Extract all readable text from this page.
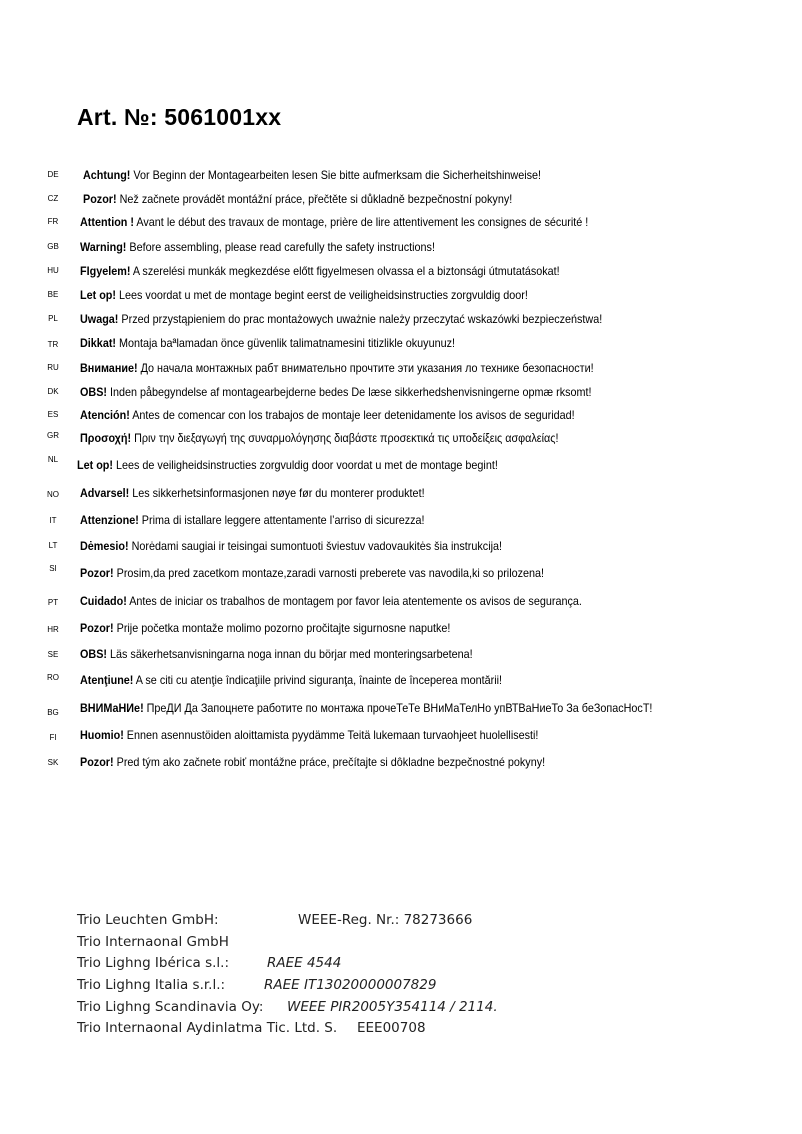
Art. №: 5061001xx
DE	Achtung! Vor Beginn der Montagearbeiten lesen Sie bitte aufmerksam die Sicherheitshinweise!
CZ	Pozor! Než začnete provádět montážní práce, přečtěte si důkladně bezpečnostní pokyny!
FR	Attention ! Avant le début des travaux de montage, prière de lire attentivement les consignes de sécurité !
GB	Warning! Before assembling, please read carefully the safety instructions!
HU	FIgyelem! A szerelési munkák megkezdése előtt figyelmesen olvassa el a biztonsági útmutatásokat!
BE	Let op! Lees voordat u met de montage begint eerst de veiligheidsinstructies zorgvuldig door!
PL	Uwaga! Przed przystąpieniem do prac montażowych uważnie należy przeczytać wskazówki bezpieczeństwa!
TR	Dikkat! Montaja baªlamadan önce güvenlik talimatnamesini titizlikle okuyunuz!
RU	Внимание! До начала монтажных рабт внимательно прочтите эти указания ло технике безопасности!
DK	OBS! Inden påbegyndelse af montagearbejderne bedes De læse sikkerhedshenvisningerne opmæ rksomt!
ES	Atención! Antes de comencar con los trabajos de montaje leer detenidamente los avisos de seguridad!
GR	Προσοχή! Πριν την διεξαγωγή της συναρμολόγησης διαβάστε προσεκτικά τις υποδείξεις ασφαλείας!
NL	Let op! Lees de veiligheidsinstructies zorgvuldig door voordat u met de montage begint!
NO	Advarsel! Les sikkerhetsinformasjonen nøye før du monterer produktet!
IT	Attenzione! Prima di istallare leggere attentamente l’arriso di sicurezza!
LT	Dėmesio! Norėdami saugiai ir teisingai sumontuoti šviestuv vadovaukitės šia instrukcija!
SI	Pozor! Prosim,da pred zacetkom montaze,zaradi varnosti preberete vas navodila,ki so prilozena!
PT	Cuidado! Antes de iniciar os trabalhos de montagem por favor leia atentemente os avisos de segurança.
HR	Pozor! Prije početka montaže molimo pozorno pročitajte sigurnosne naputke!
SE	OBS! Läs säkerhetsanvisningarna noga innan du börjar med monteringsarbetena!
RO	Atenţiune! A se citi cu atenţie îndicaţiile privind siguranţa, înainte de începerea montării!
BG	ВНИМаНИе! ПреДИ Да Запоцнете работите по монтажа прочеТеТе ВНиМаТелНо упВТВаНиеТо За беЗопасНосТ!
FI	Huomio! Ennen asennustöiden aloittamista pyydämme Teitä lukemaan turvaohjeet huolellisesti!
SK	Pozor! Pred tým ako začnete robiť montážne práce, prečítajte si dôkladne bezpečnostné pokyny!
Trio Leuchten GmbH:	WEEE-Reg. Nr.: 78273666
Trio Internaonal GmbH
Trio Lighng Ibérica s.l.:	RAEE 4544
Trio Lighng Italia s.r.l.:	RAEE IT13020000007829
Trio Lighng Scandinavia Oy: WEEE PIR2005Y354114 / 2114.
Trio Internaonal Aydinlatma Tic. Ltd. S. EEE00708
